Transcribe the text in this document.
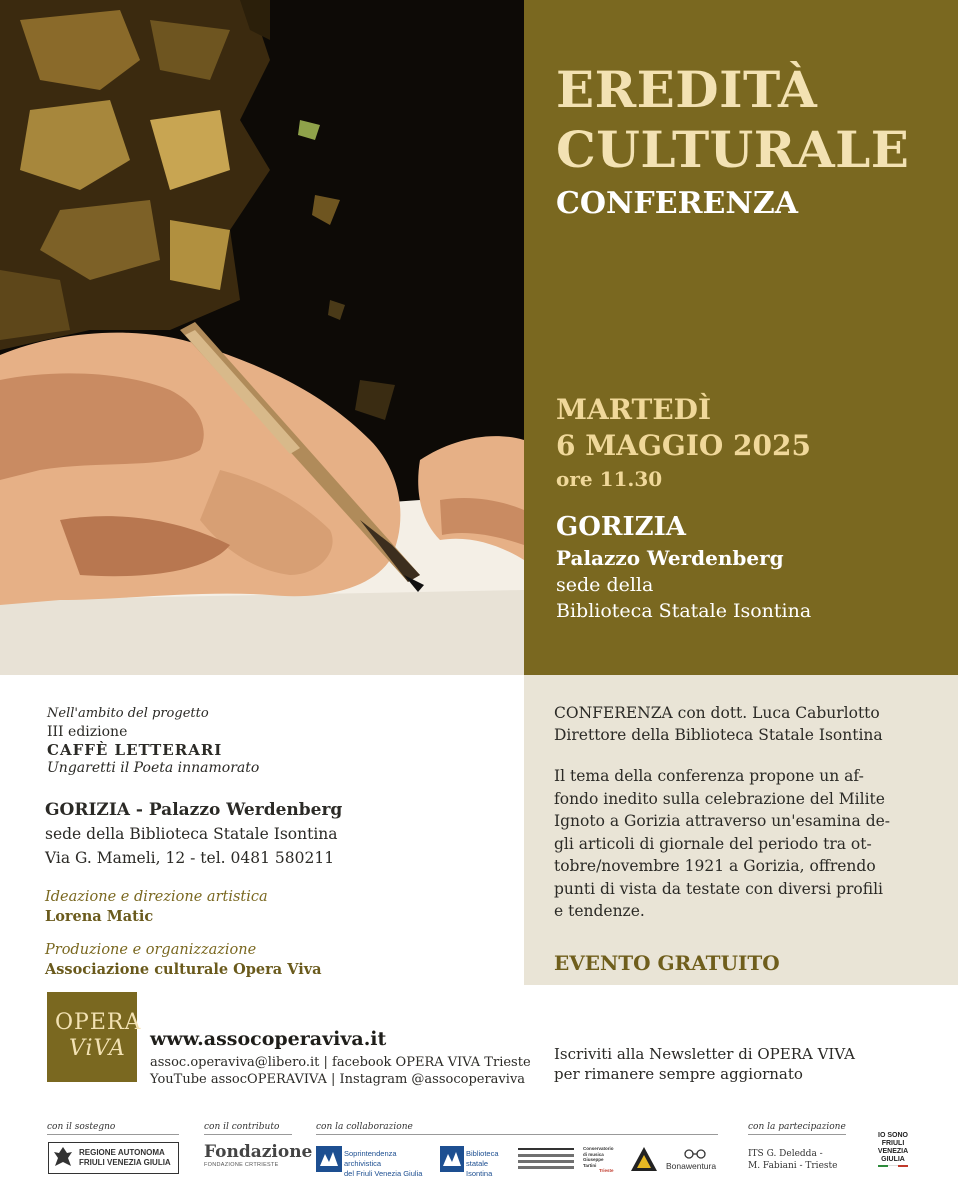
EREDITÀ
CULTURALE
CONFERENZA
MARTEDÌ
6 MAGGIO 2025
ore 11.30
GORIZIA
Palazzo Werdenberg
sede della
Biblioteca Statale Isontina
CONFERENZA con dott. Luca Caburlotto
Direttore della Biblioteca Statale Isontina
Il tema della conferenza propone un af-
fondo inedito sulla celebrazione del Milite
Ignoto a Gorizia attraverso un'esamina de-
gli articoli di giornale del periodo tra ot-
tobre/novembre 1921 a Gorizia, offrendo
punti di vista da testate con diversi profili
e tendenze.
EVENTO GRATUITO
Nell'ambito del progetto
III edizione
CAFFÈ LETTERARI
Ungaretti il Poeta innamorato
GORIZIA - Palazzo Werdenberg
sede della Biblioteca Statale Isontina
Via G. Mameli, 12 - tel. 0481 580211
Ideazione e direzione artistica
Lorena Matic
Produzione e organizzazione
Associazione culturale Opera Viva
OPERA
ViVA www.assocoperaviva.it
assoc.operaviva@libero.it | facebook OPERA VIVA Trieste
YouTube assocOPERAVIVA | Instagram @assocoperaviva
Iscriviti alla Newsletter di OPERA VIVA
per rimanere sempre aggiornato
con il sostegno	con il contributo	con la collaborazione	con la partecipazione
REGIONE AUTONOMA
FRIULI VENEZIA GIULIA
Fondazione
FONDAZIONE CRTRIESTE
Soprintendenza archivistica
del Friuli Venezia Giulia
Biblioteca
statale Isontina
Conservatorio
di musica
Giuseppe
Tartini
Trieste	Bonawentura
ITS G. Deledda -
M. Fabiani - Trieste
IO SONO
FRIULI
VENEZIA
GIULIA
